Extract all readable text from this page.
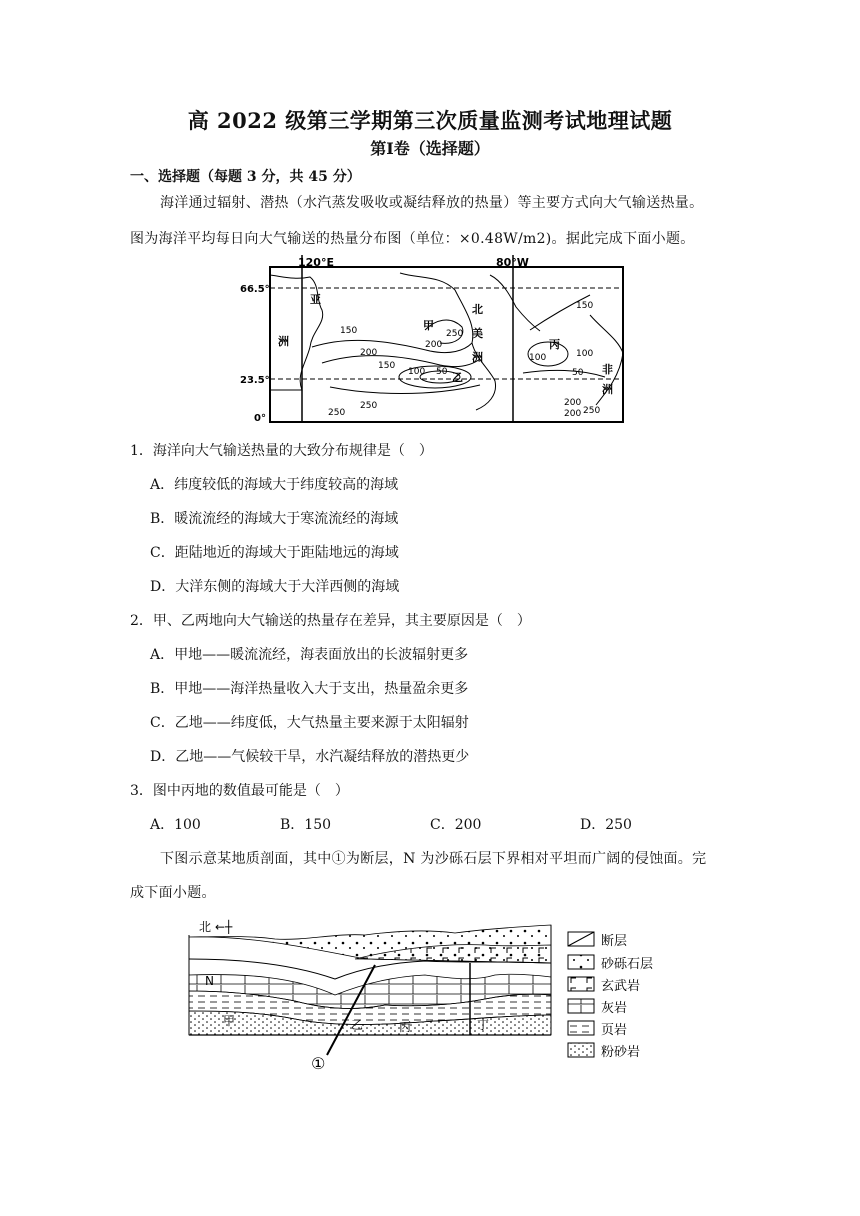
高 2022 级第三学期第三次质量监测考试地理试题
第Ⅰ卷（选择题）
一、选择题（每题 3 分，共 45 分）
海洋通过辐射、潜热（水汽蒸发吸收或凝结释放的热量）等主要方式向大气输送热量。
图为海洋平均每日向大气输送的热量分布图（单位：×0.48W/m2)。据此完成下面小题。
120°E	80°W
66.5°
23.5°
0°
亚
洲
北
美
洲
非
洲
甲
乙
丙
150
200
150
100 50
250
200
250
250
150
100
50
100
200
200 250
1．海洋向大气输送热量的大致分布规律是（　）
A．纬度较低的海域大于纬度较高的海域
B．暖流流经的海域大于寒流流经的海域
C．距陆地近的海域大于距陆地远的海域
D．大洋东侧的海域大于大洋西侧的海域
2．甲、乙两地向大气输送的热量存在差异，其主要原因是（　）
A．甲地——暖流流经，海表面放出的长波辐射更多
B．甲地——海洋热量收入大于支出，热量盈余更多
C．乙地——纬度低，大气热量主要来源于太阳辐射
D．乙地——气候较干旱，水汽凝结释放的潜热更少
3．图中丙地的数值最可能是（　）
A．100	B．150	C．200	D．250
下图示意某地质剖面，其中①为断层，N 为沙砾石层下界相对平坦而广阔的侵蚀面。完
成下面小题。
北 ←┼
N
甲	乙	丙	丁
①
断层
砂砾石层
玄武岩
灰岩
页岩
粉砂岩
